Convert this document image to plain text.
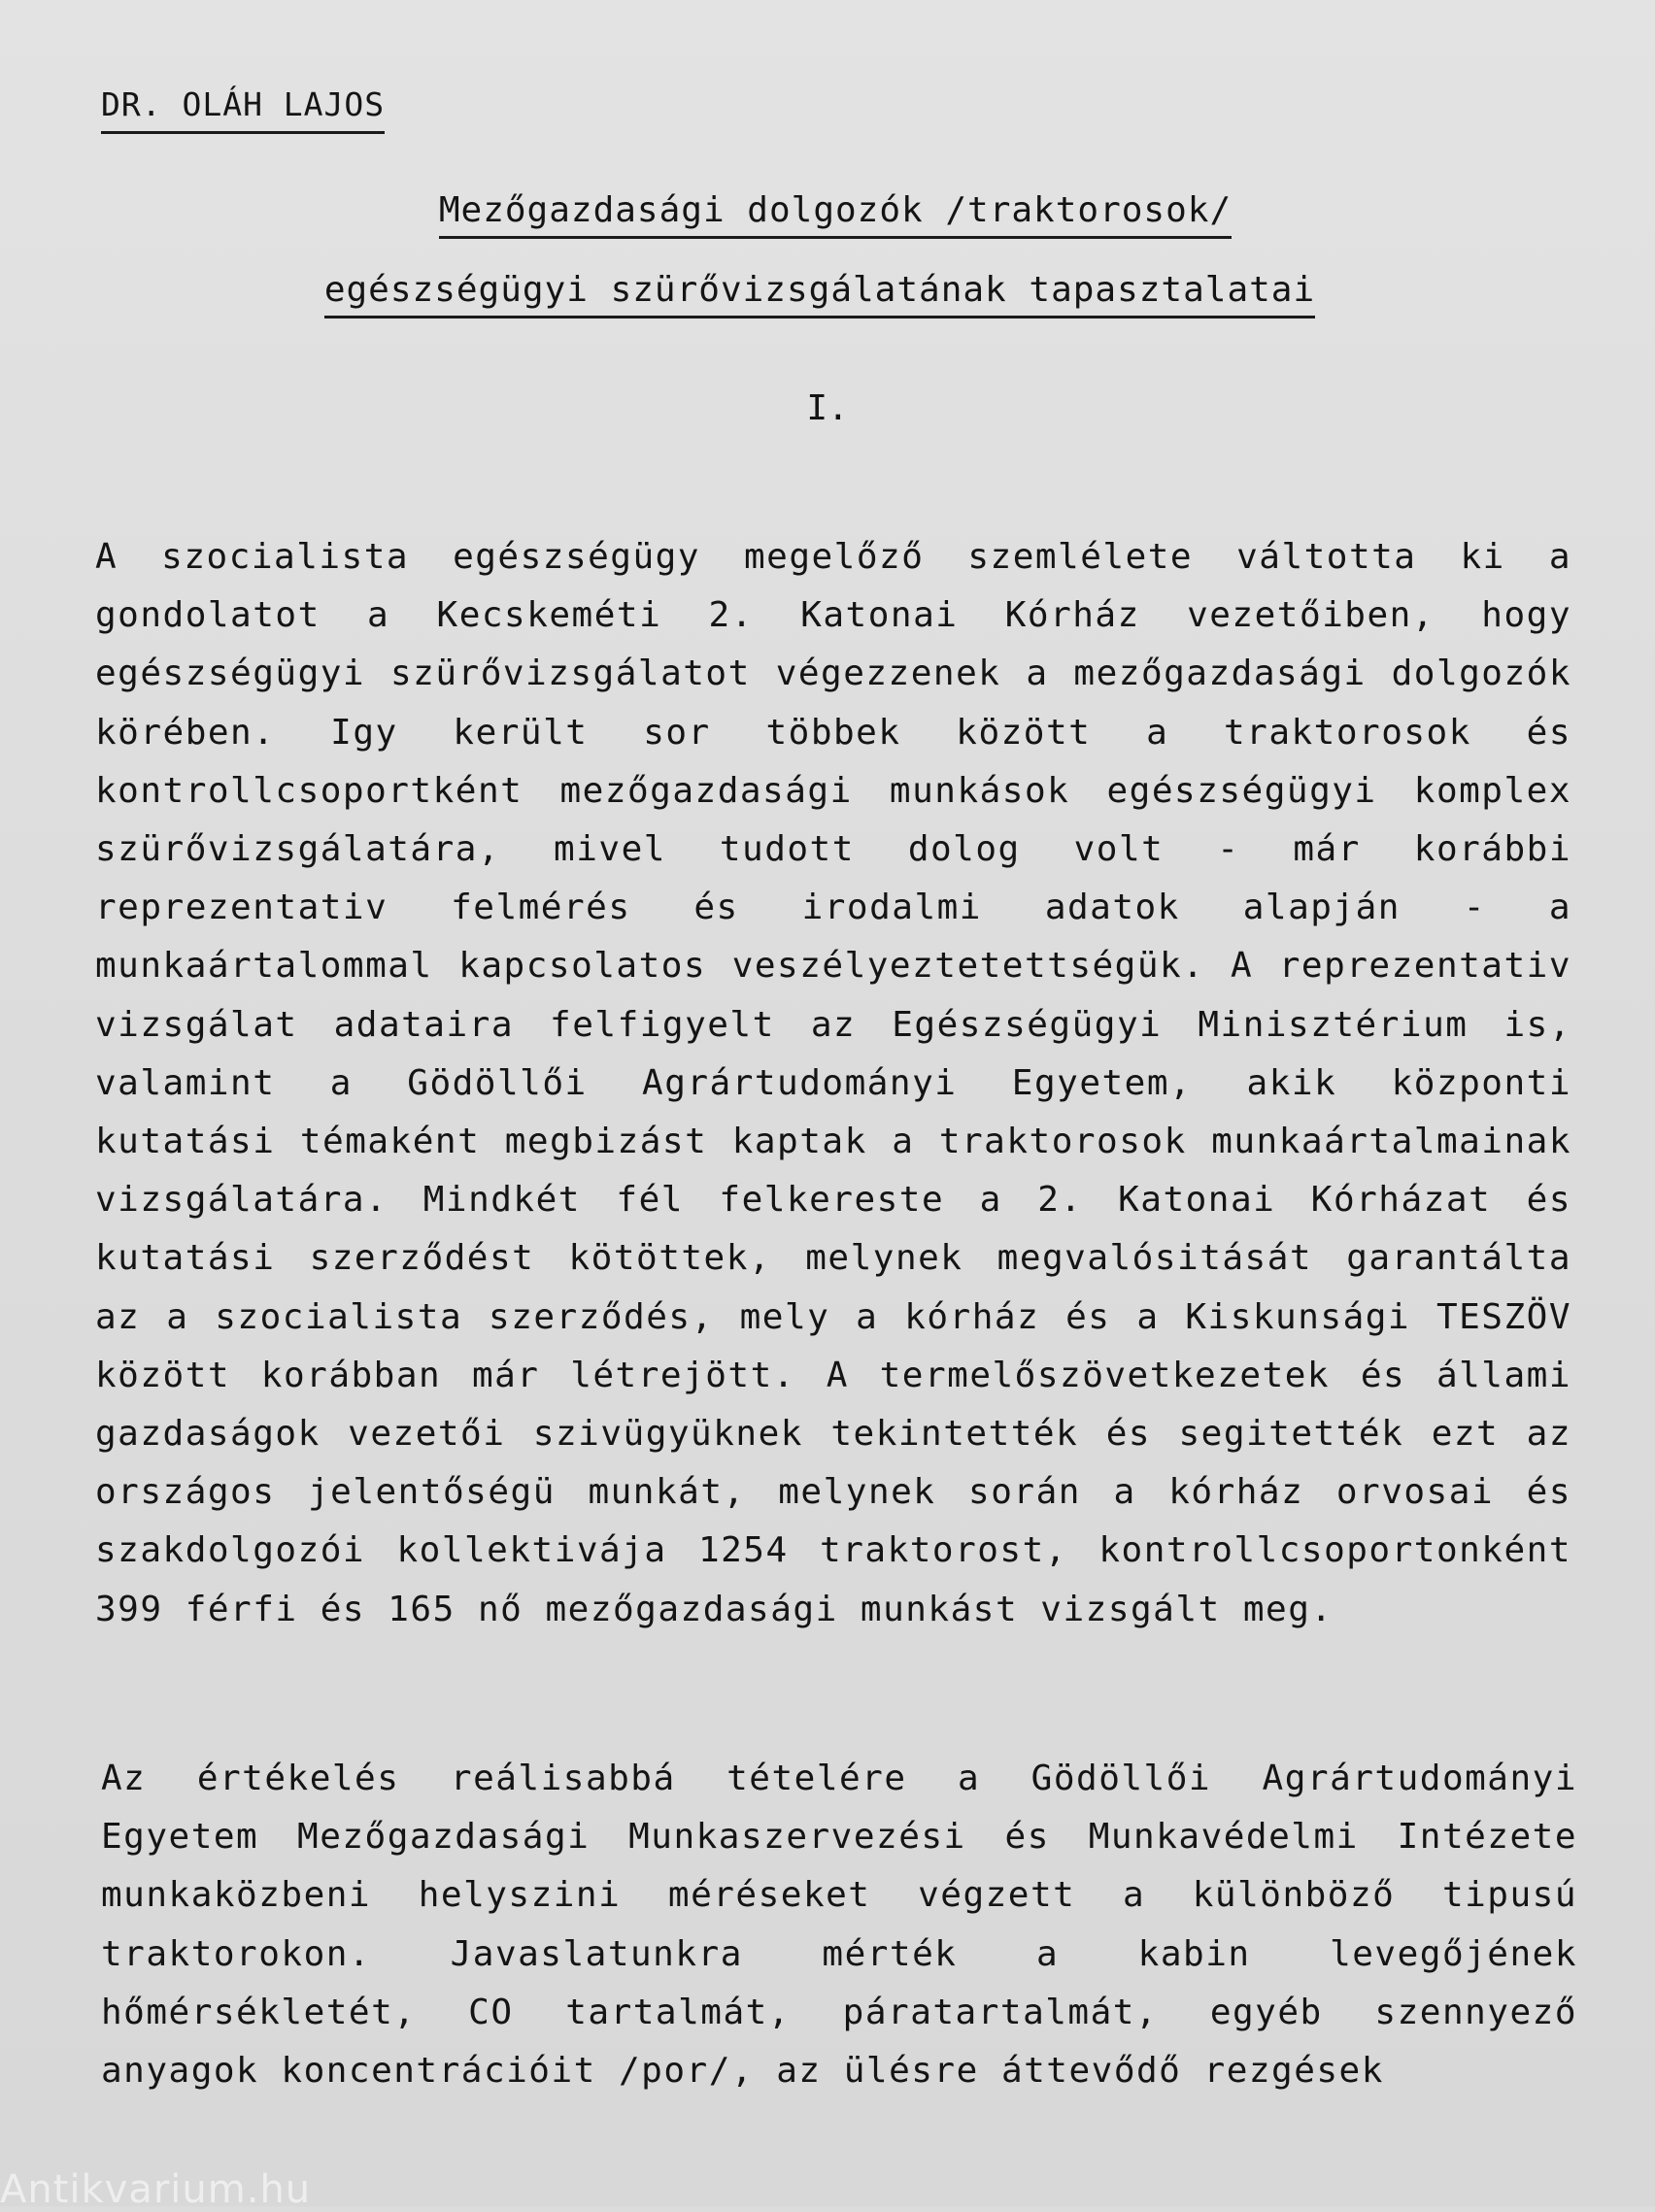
DR. OLÁH LAJOS
Mezőgazdasági dolgozók /traktorosok/
egészségügyi szürővizsgálatának tapasztalatai
I.

A szocialista egészségügy megelőző szemlélete váltotta ki a gondolatot a Kecskeméti 2. Katonai Kórház vezetőiben, hogy egészségügyi szürővizsgálatot végezzenek a mezőgazdasági dolgozók körében. Igy került sor többek között a traktorosok és kontrollcsoportként mezőgazdasági munkások egészségügyi komplex szürővizsgálatára, mivel tudott dolog volt - már korábbi reprezentativ felmérés és irodalmi adatok alapján - a munkaártalommal kapcsolatos veszélyeztetettségük. A reprezentativ vizsgálat adataira felfigyelt az Egészségügyi Minisztérium is, valamint a Gödöllői Agrártudományi Egyetem, akik központi kutatási témaként megbizást kaptak a traktorosok munkaártalmainak vizsgálatára. Mindkét fél felkereste a 2. Katonai Kórházat és kutatási szerződést kötöttek, melynek megvalósitását garantálta az a szocialista szerződés, mely a kórház és a Kiskunsági TESZÖV között korábban már létrejött. A termelőszövetkezetek és állami gazdaságok vezetői szivügyüknek tekintették és segitették ezt az országos jelentőségü munkát, melynek során a kórház orvosai és szakdolgozói kollektivája 1254 traktorost, kontrollcsoportonként 399 férfi és 165 nő mezőgazdasági munkást vizsgált meg.

Az értékelés reálisabbá tételére a Gödöllői Agrártudományi Egyetem Mezőgazdasági Munkaszervezési és Munkavédelmi Intézete munkaközbeni helyszini méréseket végzett a különböző tipusú traktorokon. Javaslatunkra mérték a kabin levegőjének hőmérsékletét, CO tartalmát, páratartalmát, egyéb szennyező anyagok koncentrációit /por/, az ülésre áttevődő rezgések

Antikvarium.hu
